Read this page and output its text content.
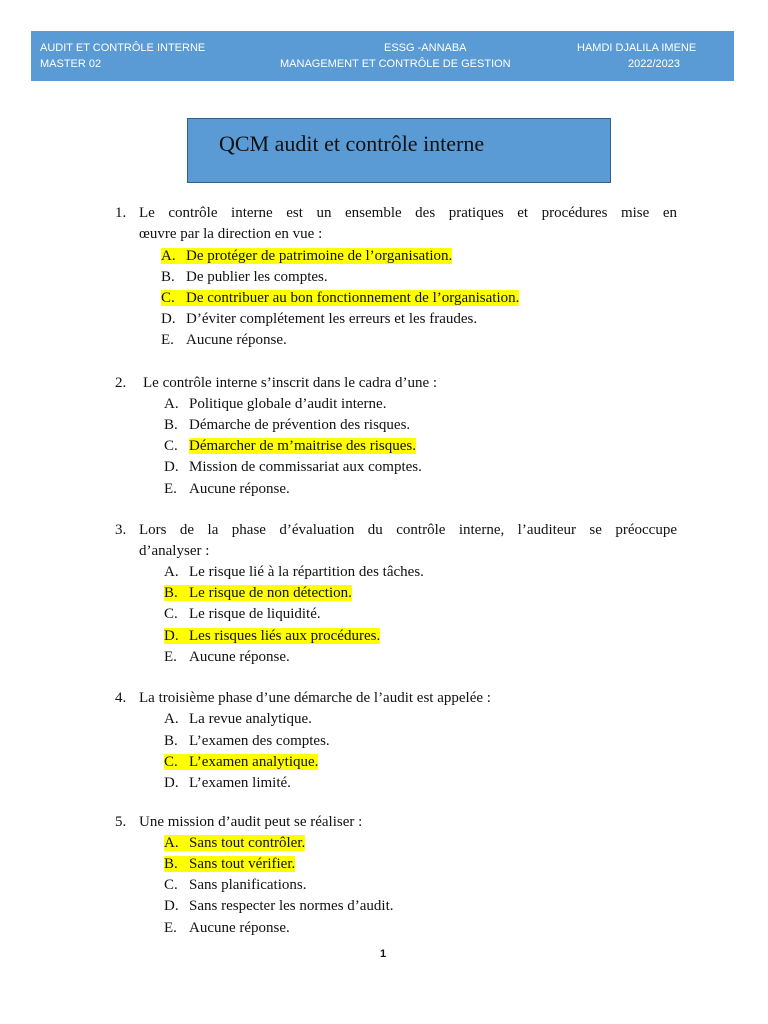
AUDIT ET CONTRÔLE INTERNE
MASTER 02
ESSG -ANNABA
MANAGEMENT ET CONTRÔLE DE GESTION
HAMDI DJALILA IMENE
2022/2023
QCM audit et contrôle interne
1. Le contrôle interne est un ensemble des pratiques et procédures mise en
œuvre par la direction en vue :
A. De protéger de patrimoine de l’organisation.
B. De publier les comptes.
C. De contribuer au bon fonctionnement de l’organisation.
D. D’éviter complétement les erreurs et les fraudes.
E. Aucune réponse.
2. Le contrôle interne s’inscrit dans le cadra d’une :
A. Politique globale d’audit interne.
B. Démarche de prévention des risques.
C. Démarcher de m’maitrise des risques.
D. Mission de commissariat aux comptes.
E. Aucune réponse.
3. Lors de la phase d’évaluation du contrôle interne, l’auditeur se préoccupe
d’analyser :
A. Le risque lié à la répartition des tâches.
B. Le risque de non détection.
C. Le risque de liquidité.
D. Les risques liés aux procédures.
E. Aucune réponse.
4. La troisième phase d’une démarche de l’audit est appelée :
A. La revue analytique.
B. L’examen des comptes.
C. L’examen analytique.
D. L’examen limité.
5. Une mission d’audit peut se réaliser :
A. Sans tout contrôler.
B. Sans tout vérifier.
C. Sans planifications.
D. Sans respecter les normes d’audit.
E. Aucune réponse.
1
